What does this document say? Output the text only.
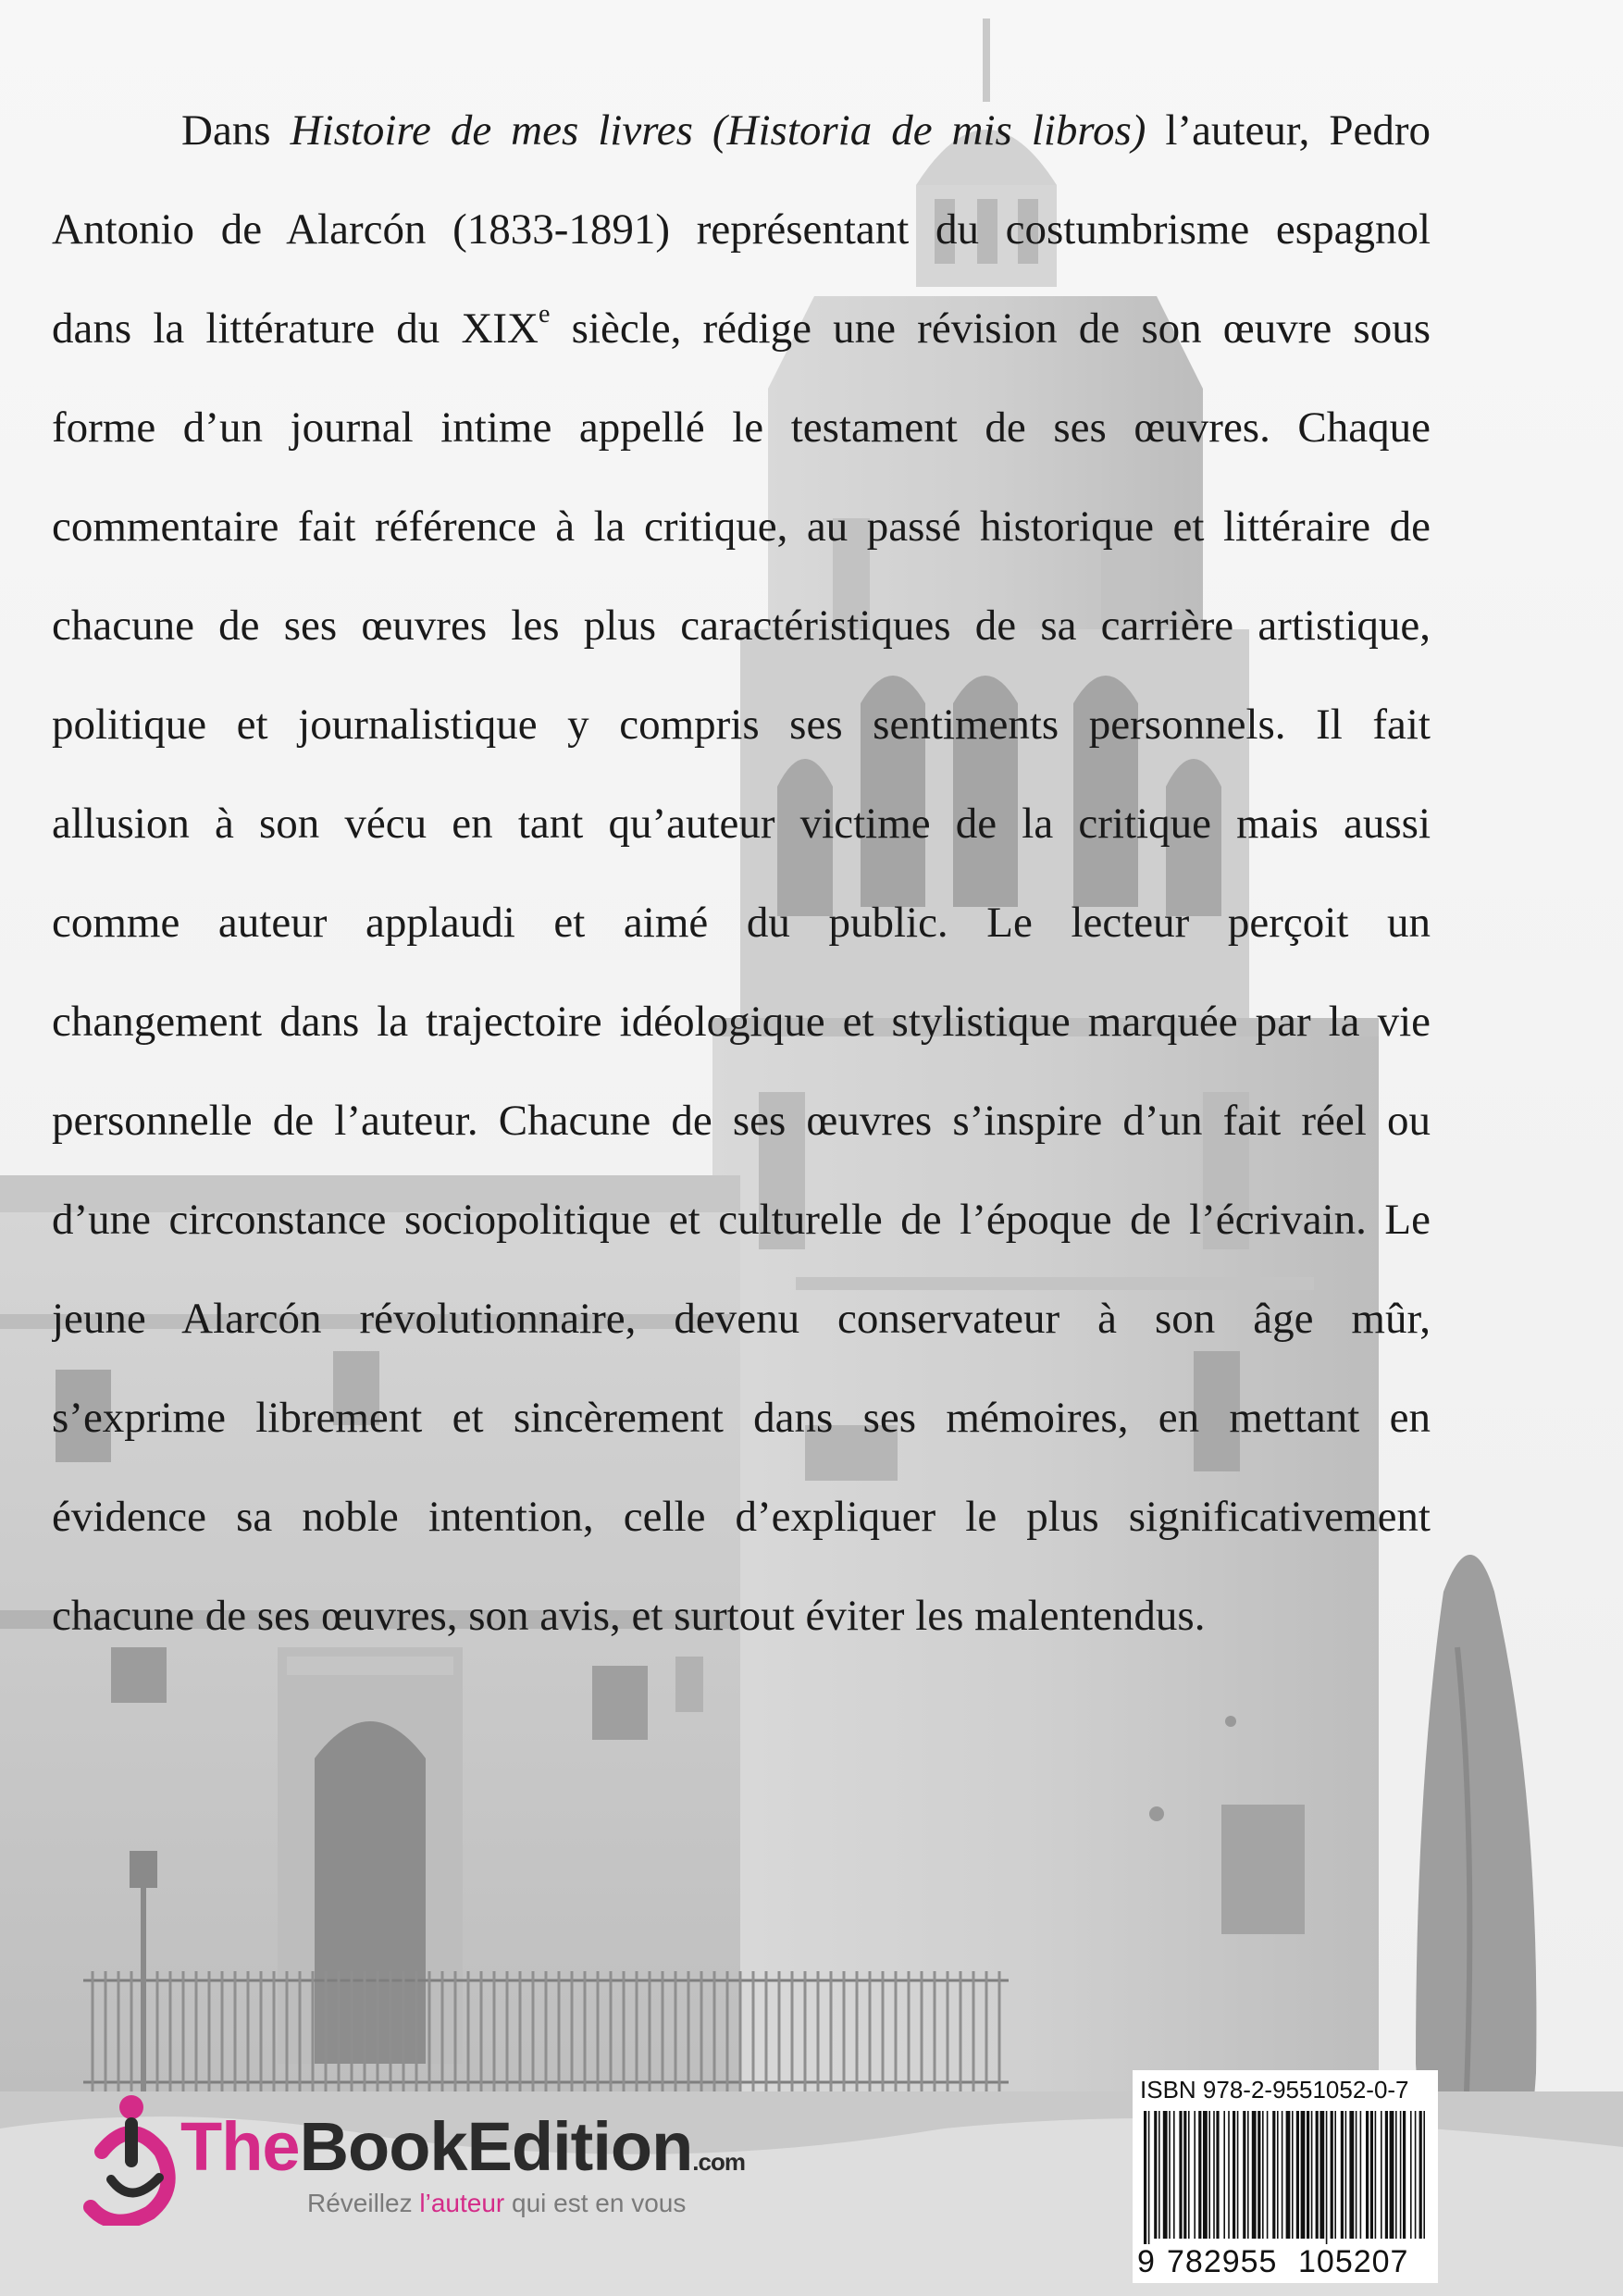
Dans Histoire de mes livres (Historia de mis libros) l’auteur, Pedro
Antonio de Alarcón (1833-1891) représentant du costumbrisme espagnol
dans la littérature du XIXe siècle, rédige une révision de son œuvre sous
forme d’un journal intime appellé le testament de ses œuvres. Chaque
commentaire fait référence à la critique, au passé historique et littéraire de
chacune de ses œuvres les plus caractéristiques de sa carrière artistique,
politique et journalistique y compris ses sentiments personnels. Il fait
allusion à son vécu en tant qu’auteur victime de la critique mais aussi
comme auteur applaudi et aimé du public. Le lecteur perçoit un
changement dans la trajectoire idéologique et stylistique marquée par la vie
personnelle de l’auteur. Chacune de ses œuvres s’inspire d’un fait réel ou
d’une circonstance sociopolitique et culturelle de l’époque de l’écrivain. Le
jeune Alarcón révolutionnaire, devenu conservateur à son âge mûr,
s’exprime librement et sincèrement dans ses mémoires, en mettant en
évidence sa noble intention, celle d’expliquer le plus significativement
chacune de ses œuvres, son avis, et surtout éviter les malentendus.
TheBookEdition.com
Réveillez l’auteur qui est en vous
ISBN 978-2-9551052-0-7
9 782955 105207
